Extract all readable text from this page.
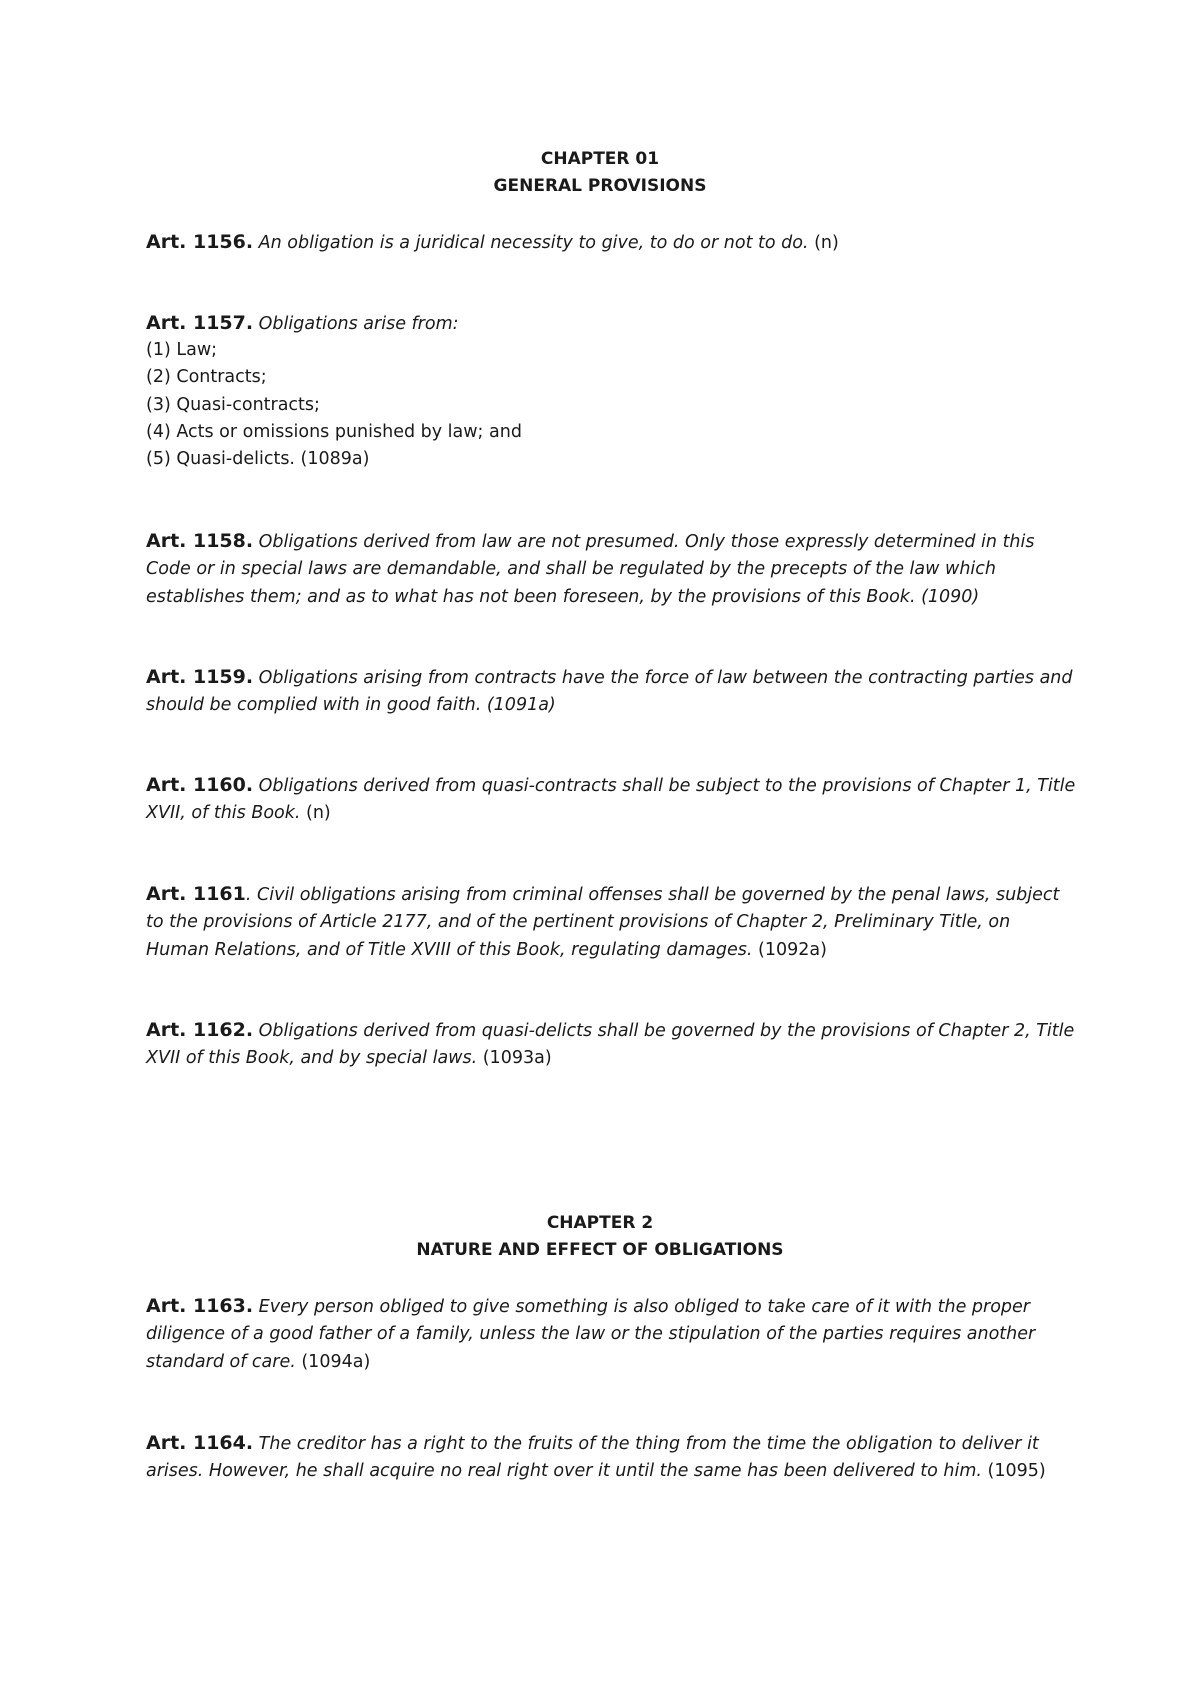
CHAPTER 01
GENERAL PROVISIONS
Art. 1156. An obligation is a juridical necessity to give, to do or not to do. (n)
Art. 1157. Obligations arise from:
(1) Law;
(2) Contracts;
(3) Quasi-contracts;
(4) Acts or omissions punished by law; and
(5) Quasi-delicts. (1089a)
Art. 1158. Obligations derived from law are not presumed. Only those expressly determined in this Code or in special laws are demandable, and shall be regulated by the precepts of the law which establishes them; and as to what has not been foreseen, by the provisions of this Book. (1090)
Art. 1159. Obligations arising from contracts have the force of law between the contracting parties and should be complied with in good faith. (1091a)
Art. 1160. Obligations derived from quasi-contracts shall be subject to the provisions of Chapter 1, Title XVII, of this Book. (n)
Art. 1161. Civil obligations arising from criminal offenses shall be governed by the penal laws, subject to the provisions of Article 2177, and of the pertinent provisions of Chapter 2, Preliminary Title, on Human Relations, and of Title XVIII of this Book, regulating damages. (1092a)
Art. 1162. Obligations derived from quasi-delicts shall be governed by the provisions of Chapter 2, Title XVII of this Book, and by special laws. (1093a)
CHAPTER 2
NATURE AND EFFECT OF OBLIGATIONS
Art. 1163. Every person obliged to give something is also obliged to take care of it with the proper diligence of a good father of a family, unless the law or the stipulation of the parties requires another standard of care. (1094a)
Art. 1164. The creditor has a right to the fruits of the thing from the time the obligation to deliver it arises. However, he shall acquire no real right over it until the same has been delivered to him. (1095)
